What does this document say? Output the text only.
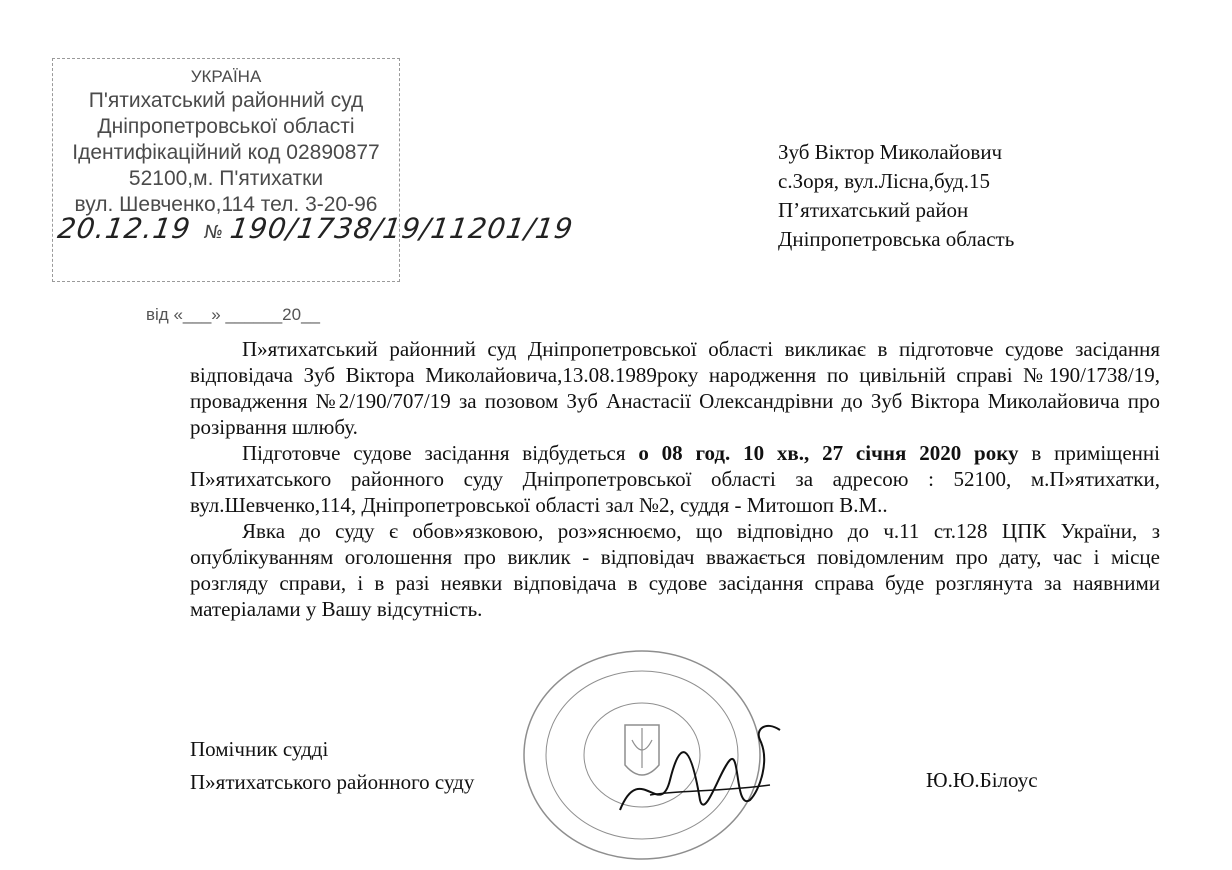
УКРАЇНА
П'ятихатський районний суд
Дніпропетровської області
Ідентифікаційний код 02890877
52100,м. П'ятихатки
вул. Шевченко,114 тел. 3-20-96
від «___» ______20__
20.12.19 №190/1738/19/11201/19
Зуб Віктор Миколайович
с.Зоря, вул.Лісна,буд.15
П’ятихатський район
Дніпропетровська область

П»ятихатський районний суд Дніпропетровської області викликає в підготовче судове засідання відповідача Зуб Віктора Миколайовича,13.08.1989року народження по цивільній справі №190/1738/19, провадження №2/190/707/19 за позовом Зуб Анастасії Олександрівни до Зуб Віктора Миколайовича про розірвання шлюбу.

Підготовче судове засідання відбудеться о 08 год. 10 хв., 27 січня 2020 року в приміщенні П»ятихатського районного суду Дніпропетровської області за адресою : 52100, м.П»ятихатки, вул.Шевченко,114, Дніпропетровської області зал №2, суддя - Митошоп В.М..

Явка до суду є обов»язковою, роз»яснюємо, що відповідно до ч.11 ст.128 ЦПК України, з опублікуванням оголошення про виклик - відповідач вважається повідомленим про дату, час і місце розгляду справи, і в разі неявки відповідача в судове засідання справа буде розглянута за наявними матеріалами у Вашу відсутність.

Помічник судді
П»ятихатського районного суду	Ю.Ю.Білоус
